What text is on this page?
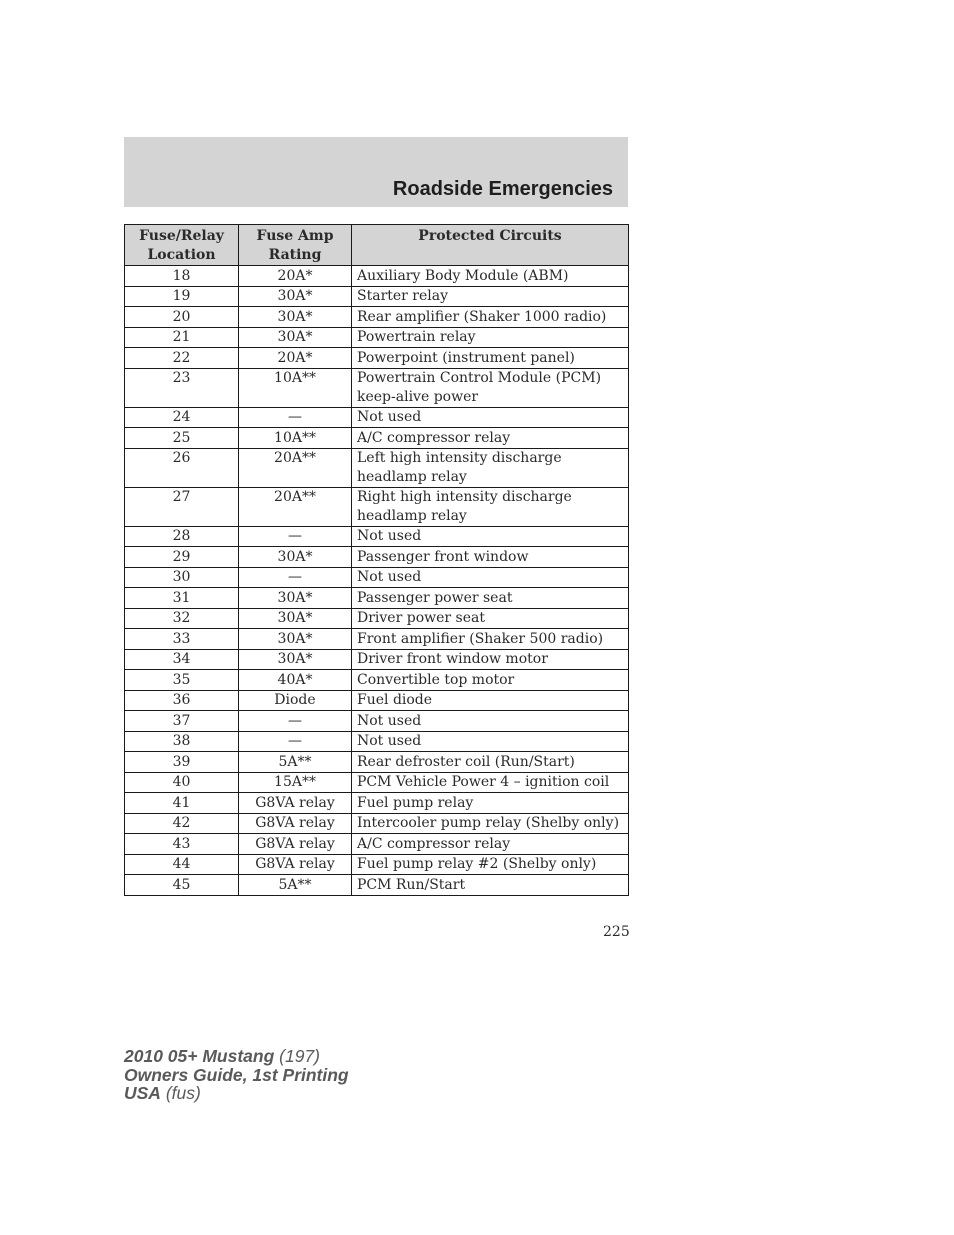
Roadside Emergencies
Fuse/Relay Location	Fuse Amp Rating	Protected Circuits
18	20A*	Auxiliary Body Module (ABM)
19	30A*	Starter relay
20	30A*	Rear amplifier (Shaker 1000 radio)
21	30A*	Powertrain relay
22	20A*	Powerpoint (instrument panel)
23	10A**	Powertrain Control Module (PCM) keep-alive power
24	—	Not used
25	10A**	A/C compressor relay
26	20A**	Left high intensity discharge headlamp relay
27	20A**	Right high intensity discharge headlamp relay
28	—	Not used
29	30A*	Passenger front window
30	—	Not used
31	30A*	Passenger power seat
32	30A*	Driver power seat
33	30A*	Front amplifier (Shaker 500 radio)
34	30A*	Driver front window motor
35	40A*	Convertible top motor
36	Diode	Fuel diode
37	—	Not used
38	—	Not used
39	5A**	Rear defroster coil (Run/Start)
40	15A**	PCM Vehicle Power 4 – ignition coil
41	G8VA relay	Fuel pump relay
42	G8VA relay	Intercooler pump relay (Shelby only)
43	G8VA relay	A/C compressor relay
44	G8VA relay	Fuel pump relay #2 (Shelby only)
45	5A**	PCM Run/Start
225
2010 05+ Mustang (197)
Owners Guide, 1st Printing
USA (fus)
